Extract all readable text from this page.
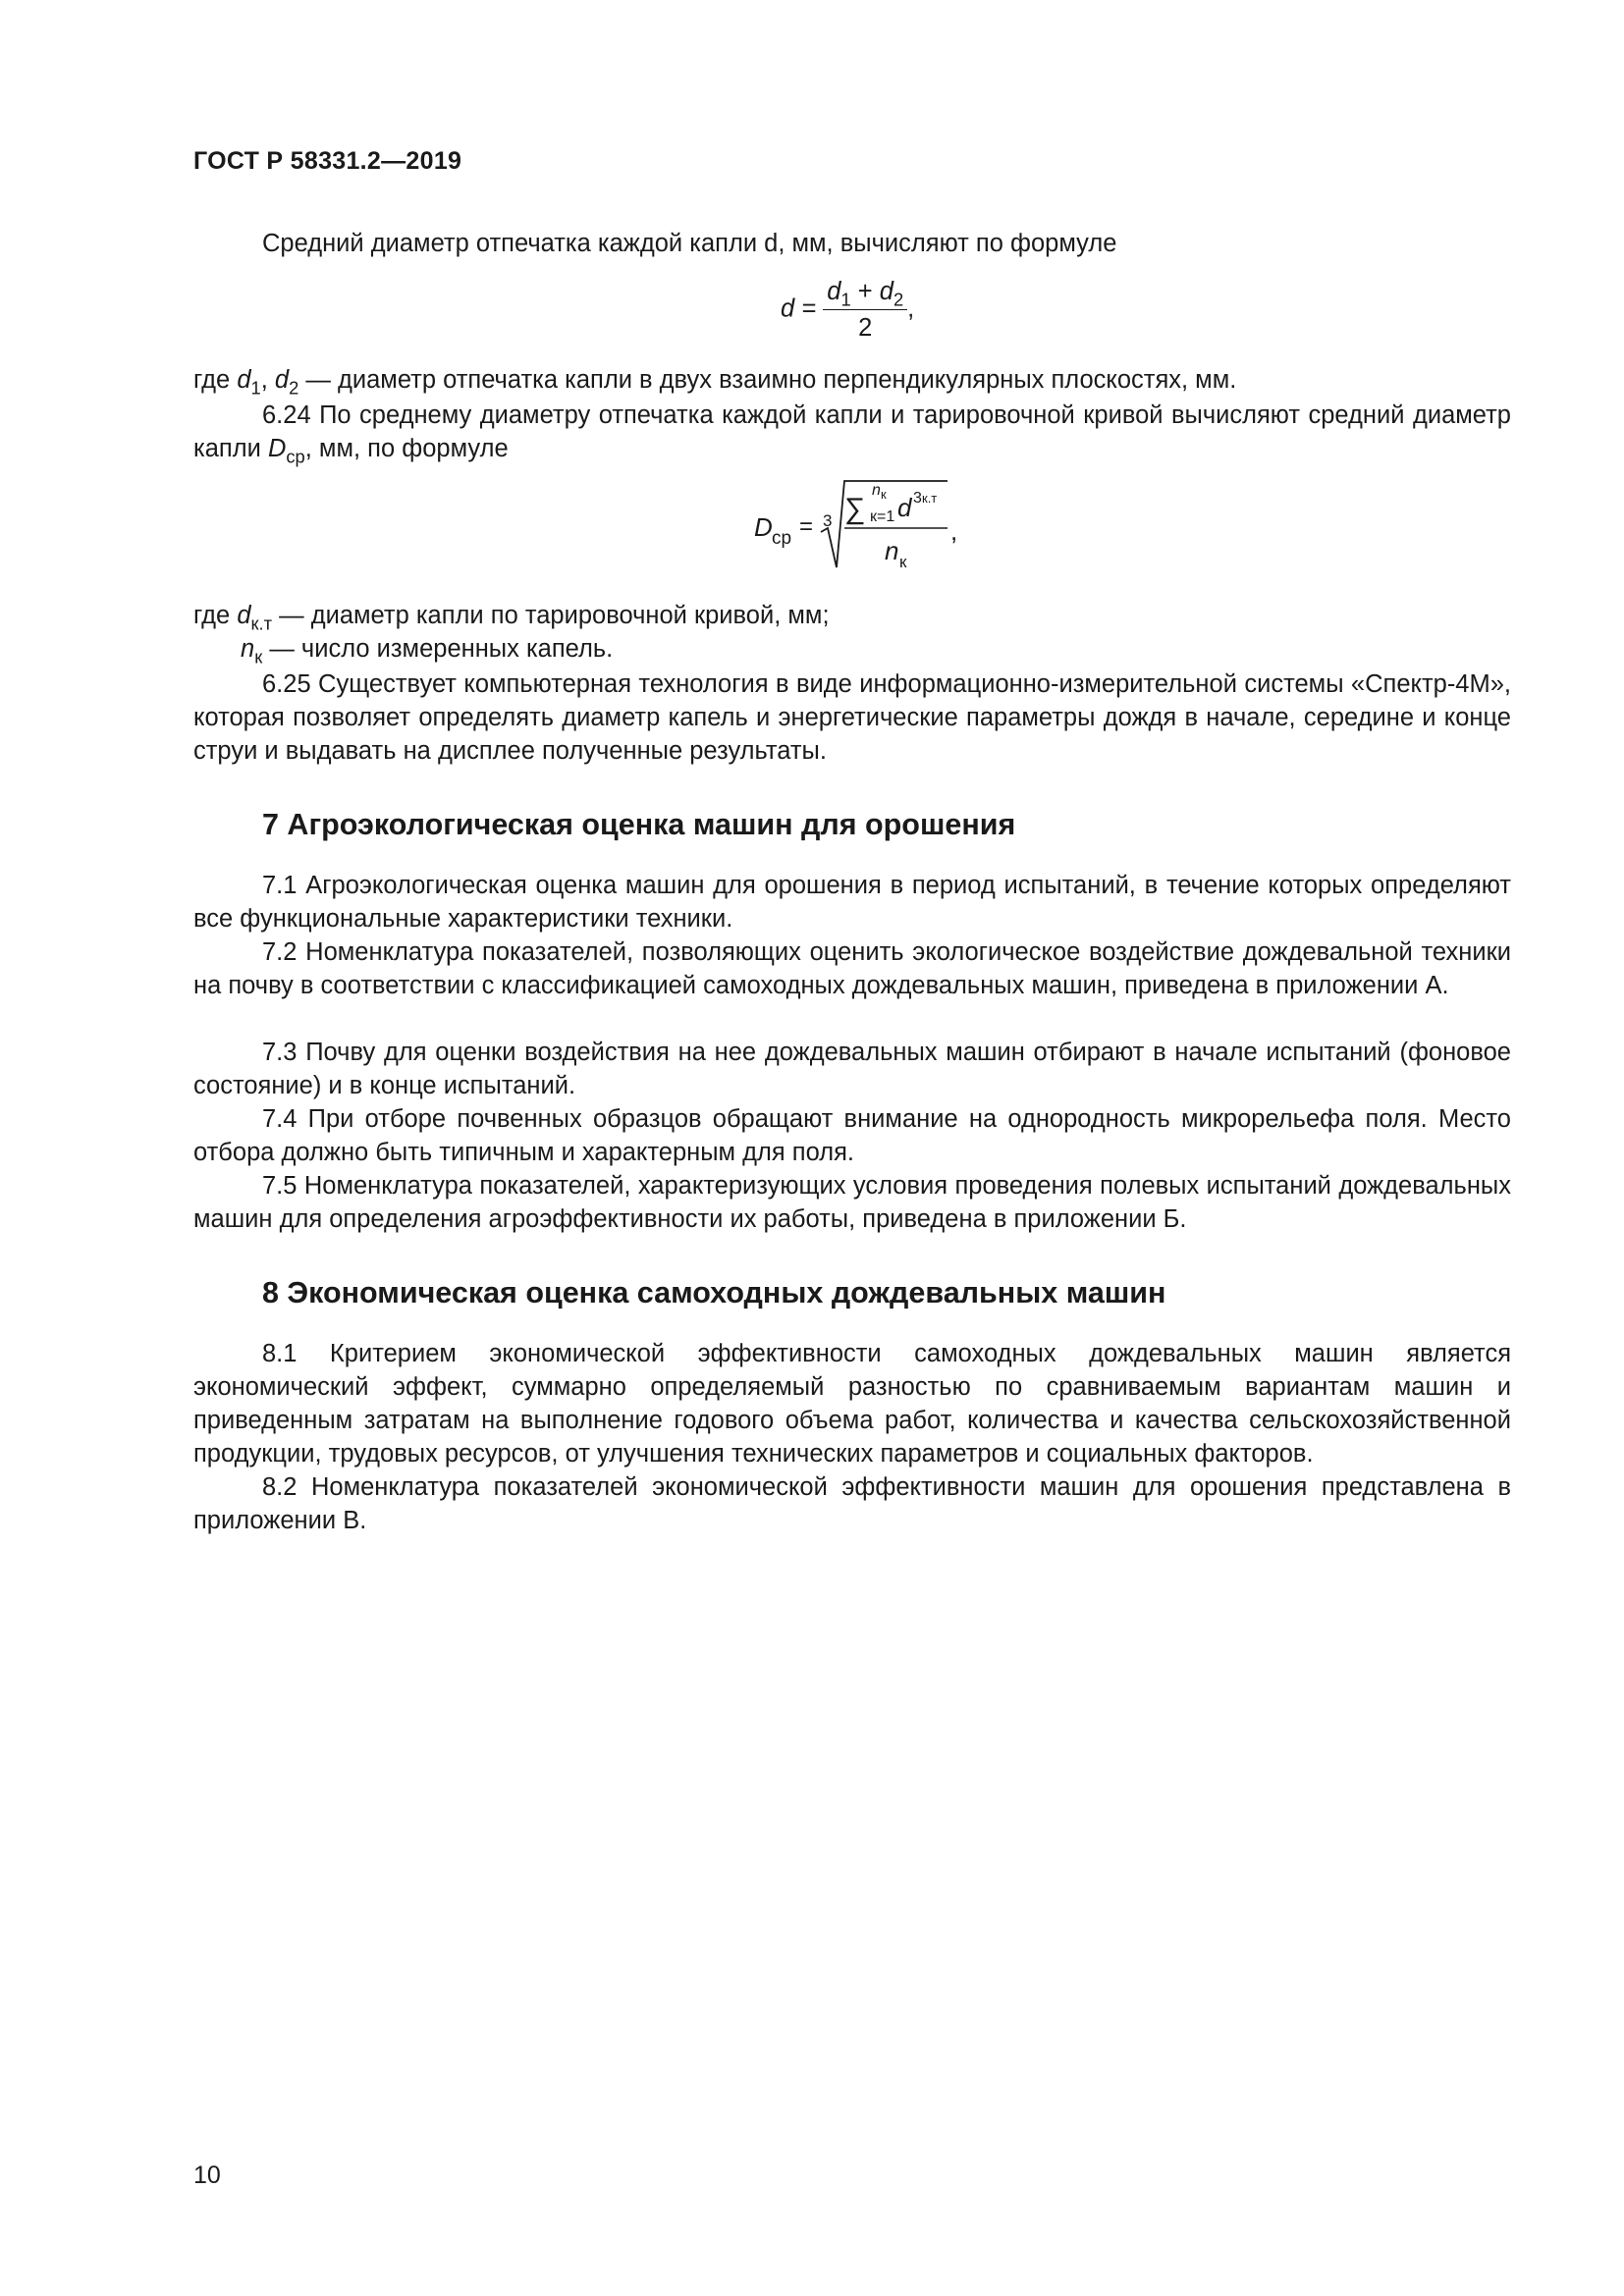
ГОСТ Р 58331.2—2019
Средний диаметр отпечатка каждой капли d, мм, вычисляют по формуле
$d = \frac{d_1 + d_2}{2}$ ,
где $d_1$, $d_2$ — диаметр отпечатка капли в двух взаимно перпендикулярных плоскостях, мм.
6.24 По среднему диаметру отпечатка каждой капли и тарировочной кривой вычисляют средний диаметр капли $D_{ср}$, мм, по формуле
D ср = 3 ∑
n к
к=1 d 3 к.т
n к
,
где $d_{к.т}$ — диаметр капли по тарировочной кривой, мм;
$n_к$ — число измеренных капель.
6.25 Существует компьютерная технология в виде информационно-измерительной системы «Спектр-4М», которая позволяет определять диаметр капель и энергетические параметры дождя в начале, середине и конце струи и выдавать на дисплее полученные результаты.
7 Агроэкологическая оценка машин для орошения
7.1 Агроэкологическая оценка машин для орошения в период испытаний, в течение которых определяют все функциональные характеристики техники.
7.2 Номенклатура показателей, позволяющих оценить экологическое воздействие дождевальной техники на почву в соответствии с классификацией самоходных дождевальных машин, приведена в приложении А.
7.3 Почву для оценки воздействия на нее дождевальных машин отбирают в начале испытаний (фоновое состояние) и в конце испытаний.
7.4 При отборе почвенных образцов обращают внимание на однородность микрорельефа поля. Место отбора должно быть типичным и характерным для поля.
7.5 Номенклатура показателей, характеризующих условия проведения полевых испытаний дождевальных машин для определения агроэффективности их работы, приведена в приложении Б.
8 Экономическая оценка самоходных дождевальных машин
8.1 Критерием экономической эффективности самоходных дождевальных машин является экономический эффект, суммарно определяемый разностью по сравниваемым вариантам машин и приведенным затратам на выполнение годового объема работ, количества и качества сельскохозяйственной продукции, трудовых ресурсов, от улучшения технических параметров и социальных факторов.
8.2 Номенклатура показателей экономической эффективности машин для орошения представлена в приложении В.
10
